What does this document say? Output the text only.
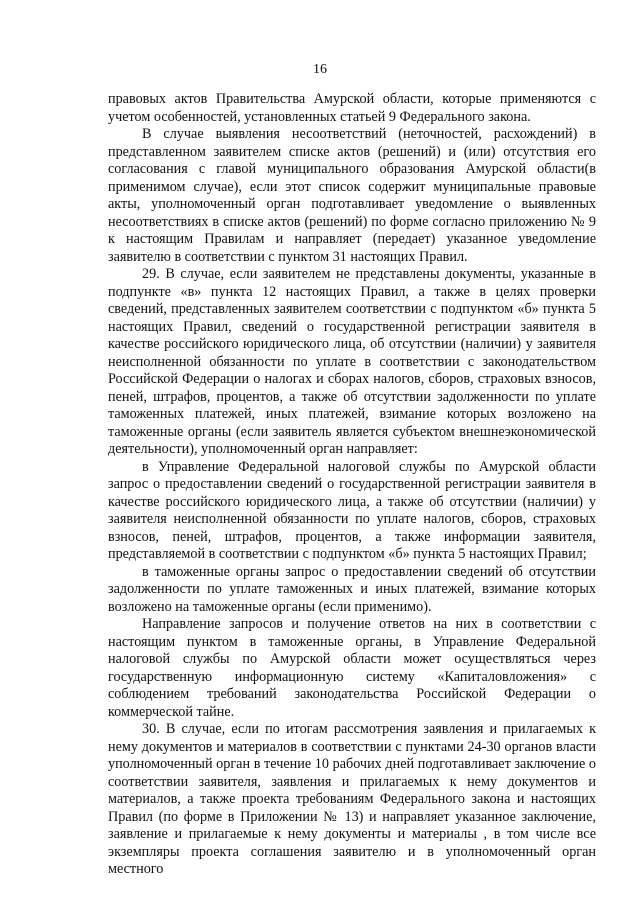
16

правовых актов Правительства Амурской области, которые применяются с учетом особенностей, установленных статьей 9 Федерального закона.

В случае выявления несоответствий (неточностей, расхождений) в представленном заявителем списке актов (решений) и (или) отсутствия его согласования с главой муниципального образования Амурской области(в применимом случае), если этот список содержит муниципальные правовые акты, уполномоченный орган подготавливает уведомление о выявленных несоответствиях в списке актов (решений) по форме согласно приложению № 9 к настоящим Правилам и направляет (передает) указанное уведомление заявителю в соответствии с пунктом 31 настоящих Правил.

29. В случае, если заявителем не представлены документы, указанные в подпункте «в» пункта 12 настоящих Правил, а также в целях проверки сведений, представленных заявителем соответствии с подпунктом «б» пункта 5 настоящих Правил, сведений о государственной регистрации заявителя в качестве российского юридического лица, об отсутствии (наличии) у заявителя неисполненной обязанности по уплате в соответствии с законодательством Российской Федерации о налогах и сборах налогов, сборов, страховых взносов, пеней, штрафов, процентов, а также об отсутствии задолженности по уплате таможенных платежей, иных платежей, взимание которых возложено на таможенные органы (если заявитель является субъектом внешнеэкономической деятельности), уполномоченный орган направляет:

в Управление Федеральной налоговой службы по Амурской области запрос о предоставлении сведений о государственной регистрации заявителя в качестве российского юридического лица, а также об отсутствии (наличии) у заявителя неисполненной обязанности по уплате налогов, сборов, страховых взносов, пеней, штрафов, процентов, а также информации заявителя, представляемой в соответствии с подпунктом «б» пункта 5 настоящих Правил;

в таможенные органы запрос о предоставлении сведений об отсутствии задолженности по уплате таможенных и иных платежей, взимание которых возложено на таможенные органы (если применимо).

Направление запросов и получение ответов на них в соответствии с настоящим пунктом в таможенные органы, в Управление Федеральной налоговой службы по Амурской области может осуществляться через государственную информационную систему «Капиталовложения» с соблюдением требований законодательства Российской Федерации о коммерческой тайне.

30. В случае, если по итогам рассмотрения заявления и прилагаемых к нему документов и материалов в соответствии с пунктами 24-30 органов власти уполномоченный орган в течение 10 рабочих дней подготавливает заключение о соответствии заявителя, заявления и прилагаемых к нему документов и материалов, а также проекта требованиям Федерального закона и настоящих Правил (по форме в Приложении № 13) и направляет указанное заключение, заявление и прилагаемые к нему документы и материалы , в том числе все экземпляры проекта соглашения заявителю и в уполномоченный орган местного
